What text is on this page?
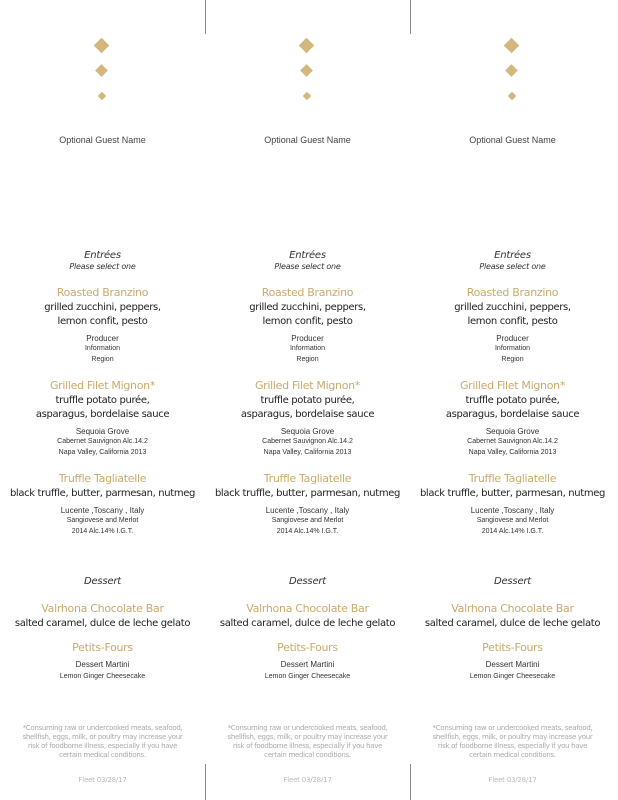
Optional Guest Name
Entrées
Please select one
Roasted Branzino
grilled zucchini, peppers,
lemon confit, pesto
Producer
Information
Region
Grilled Filet Mignon*
truffle potato purée,
asparagus, bordelaise sauce
Sequoia Grove
Cabernet Sauvignon Alc.14.2
Napa Valley, California 2013
Truffle Tagliatelle
black truffle, butter, parmesan, nutmeg
Lucente ,Toscany , Italy
Sangiovese and Merlot
2014 Alc.14% I.G.T.
Dessert
Valrhona Chocolate Bar
salted caramel, dulce de leche gelato
Petits-Fours
Dessert Martini
Lemon Ginger Cheesecake
*Consuming raw or undercooked meats, seafood,
shellfish, eggs, milk, or poultry may increase your
risk of foodborne illness, especially if you have
certain medical conditions.
Fleet 03/28/17
Optional Guest Name
Entrées
Please select one
Roasted Branzino
grilled zucchini, peppers,
lemon confit, pesto
Producer
Information
Region
Grilled Filet Mignon*
truffle potato purée,
asparagus, bordelaise sauce
Sequoia Grove
Cabernet Sauvignon Alc.14.2
Napa Valley, California 2013
Truffle Tagliatelle
black truffle, butter, parmesan, nutmeg
Lucente ,Toscany , Italy
Sangiovese and Merlot
2014 Alc.14% I.G.T.
Dessert
Valrhona Chocolate Bar
salted caramel, dulce de leche gelato
Petits-Fours
Dessert Martini
Lemon Ginger Cheesecake
*Consuming raw or undercooked meats, seafood,
shellfish, eggs, milk, or poultry may increase your
risk of foodborne illness, especially if you have
certain medical conditions.
Fleet 03/28/17
Optional Guest Name
Entrées
Please select one
Roasted Branzino
grilled zucchini, peppers,
lemon confit, pesto
Producer
Information
Region
Grilled Filet Mignon*
truffle potato purée,
asparagus, bordelaise sauce
Sequoia Grove
Cabernet Sauvignon Alc.14.2
Napa Valley, California 2013
Truffle Tagliatelle
black truffle, butter, parmesan, nutmeg
Lucente ,Toscany , Italy
Sangiovese and Merlot
2014 Alc.14% I.G.T.
Dessert
Valrhona Chocolate Bar
salted caramel, dulce de leche gelato
Petits-Fours
Dessert Martini
Lemon Ginger Cheesecake
*Consuming raw or undercooked meats, seafood,
shellfish, eggs, milk, or poultry may increase your
risk of foodborne illness, especially if you have
certain medical conditions.
Fleet 03/28/17
